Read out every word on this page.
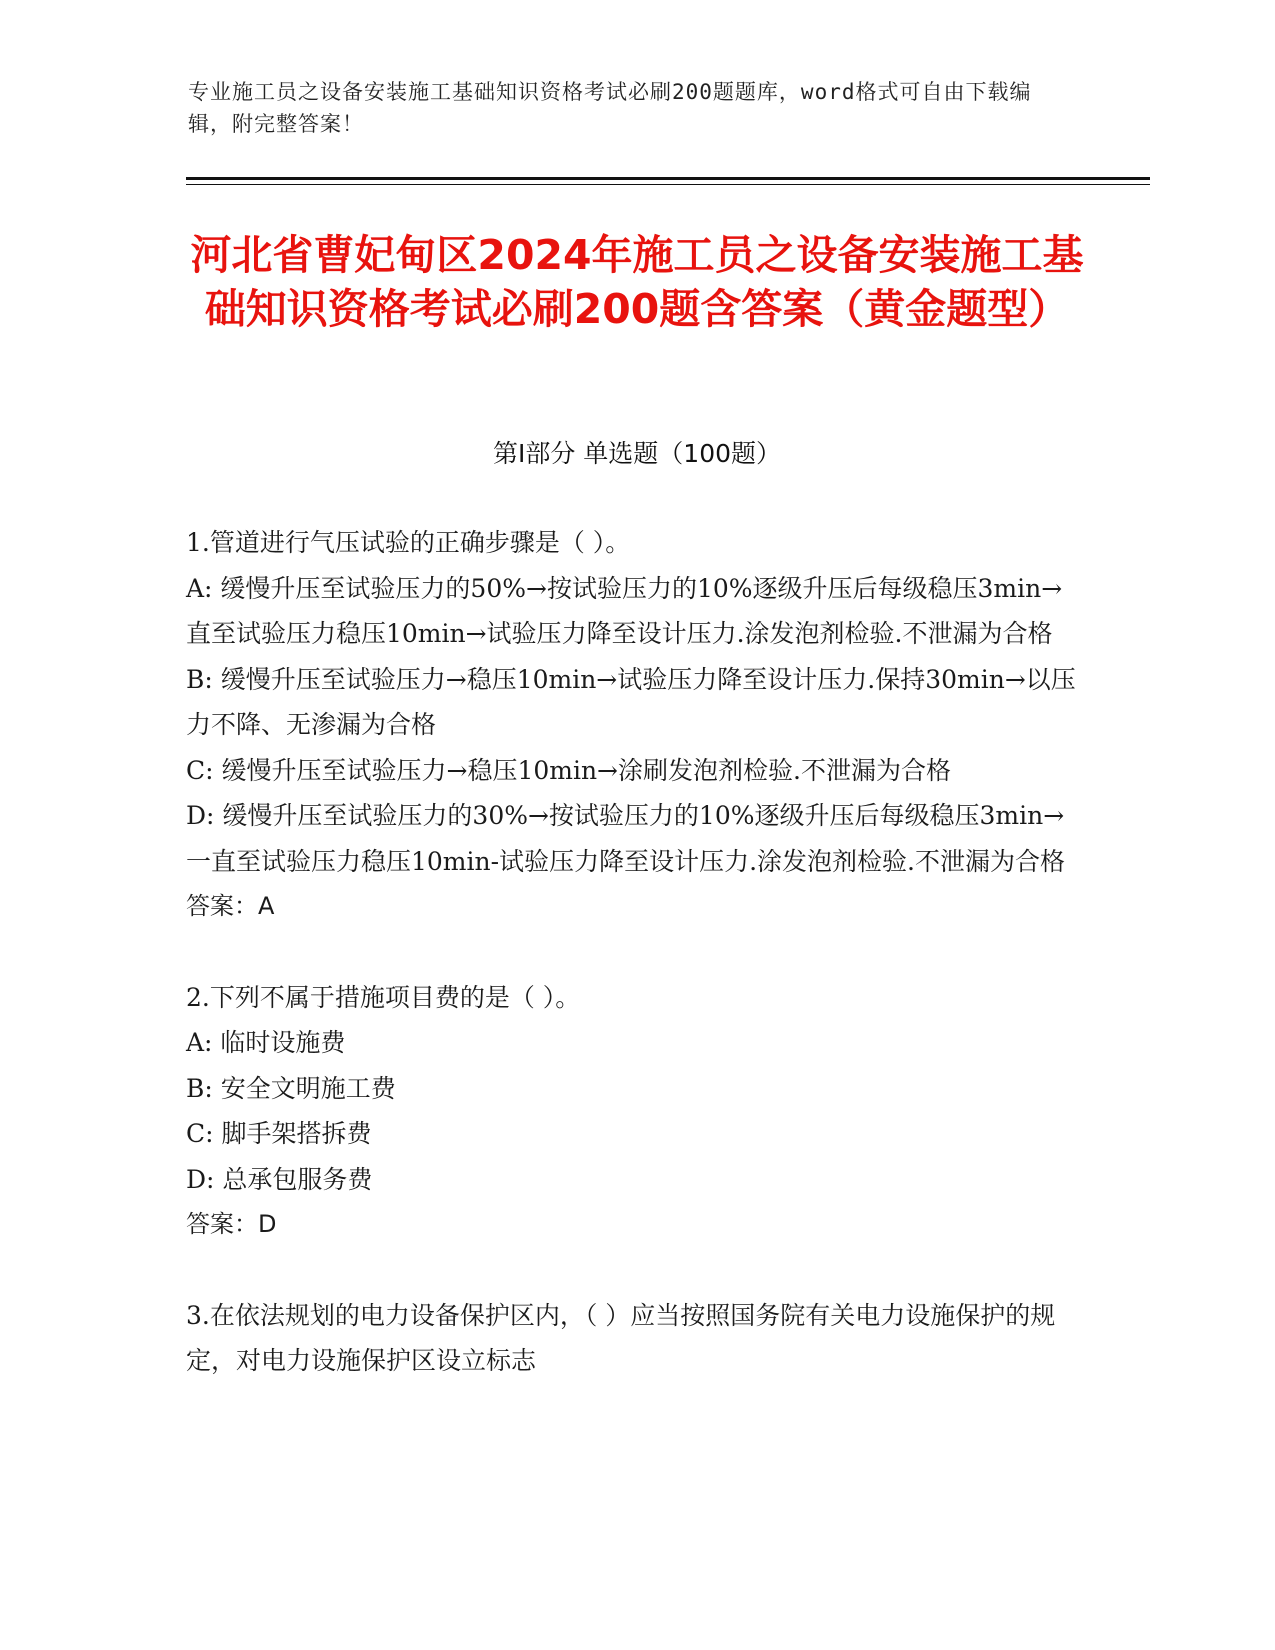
专业施工员之设备安装施工基础知识资格考试必刷200题题库，word格式可自由下载编辑，附完整答案！
河北省曹妃甸区2024年施工员之设备安装施工基础知识资格考试必刷200题含答案（黄金题型）
第Ⅰ部分 单选题（100题）

1.管道进行气压试验的正确步骤是（ ）。

A: 缓慢升压至试验压力的50%→按试验压力的10%逐级升压后每级稳压3min→直至试验压力稳压10min→试验压力降至设计压力.涂发泡剂检验.不泄漏为合格

B: 缓慢升压至试验压力→稳压10min→试验压力降至设计压力.保持30min→以压力不降、无渗漏为合格

C: 缓慢升压至试验压力→稳压10min→涂刷发泡剂检验.不泄漏为合格

D: 缓慢升压至试验压力的30%→按试验压力的10%逐级升压后每级稳压3min→一直至试验压力稳压10min-试验压力降至设计压力.涂发泡剂检验.不泄漏为合格

答案：A

2.下列不属于措施项目费的是（ ）。

A: 临时设施费

B: 安全文明施工费

C: 脚手架搭拆费

D: 总承包服务费

答案：D

3.在依法规划的电力设备保护区内，（ ）应当按照国务院有关电力设施保护的规定，对电力设施保护区设立标志
